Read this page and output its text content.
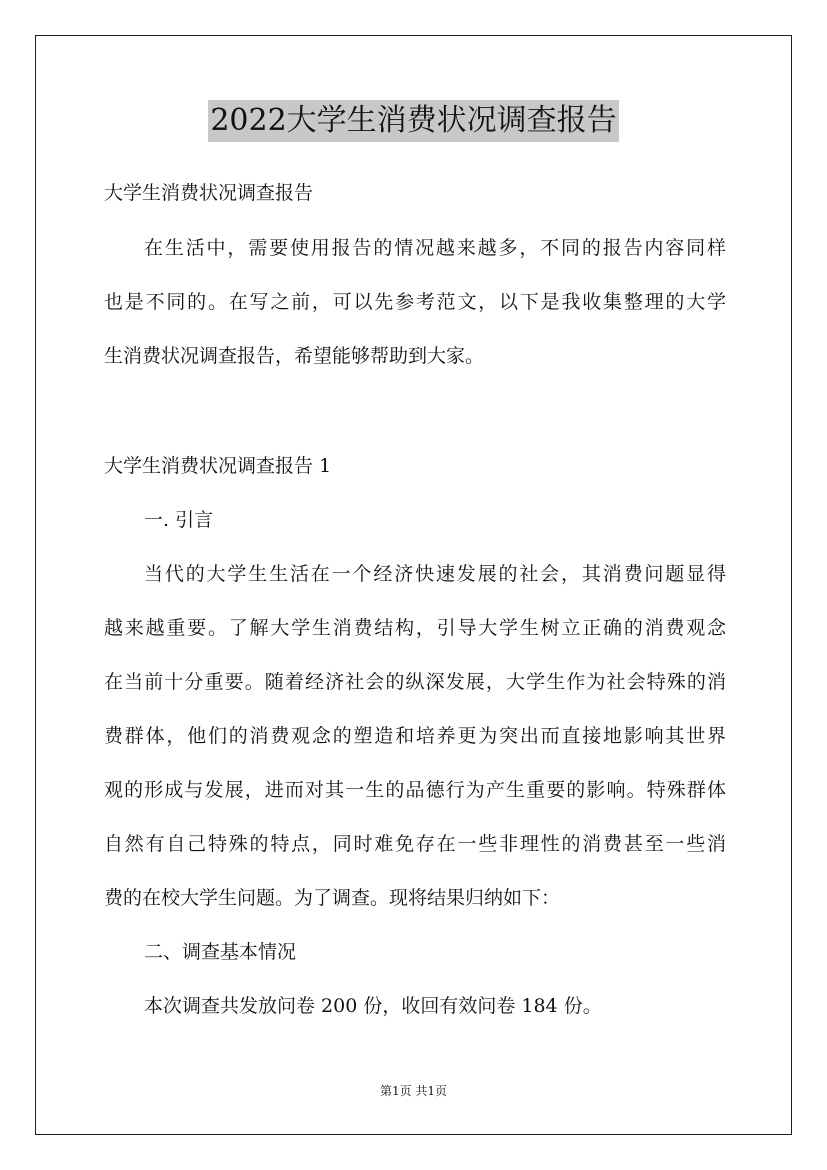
2022大学生消费状况调查报告
大学生消费状况调查报告
在生活中，需要使用报告的情况越来越多，不同的报告内容同样
也是不同的。在写之前，可以先参考范文，以下是我收集整理的大学
生消费状况调查报告，希望能够帮助到大家。
大学生消费状况调查报告 1
一. 引言
当代的大学生生活在一个经济快速发展的社会，其消费问题显得
越来越重要。了解大学生消费结构，引导大学生树立正确的消费观念
在当前十分重要。随着经济社会的纵深发展，大学生作为社会特殊的消
费群体，他们的消费观念的塑造和培养更为突出而直接地影响其世界
观的形成与发展，进而对其一生的品德行为产生重要的影响。特殊群体
自然有自己特殊的特点，同时难免存在一些非理性的消费甚至一些消
费的在校大学生问题。为了调查。现将结果归纳如下：
二、调查基本情况
本次调查共发放问卷 200 份，收回有效问卷 184 份。
第1页 共1页
